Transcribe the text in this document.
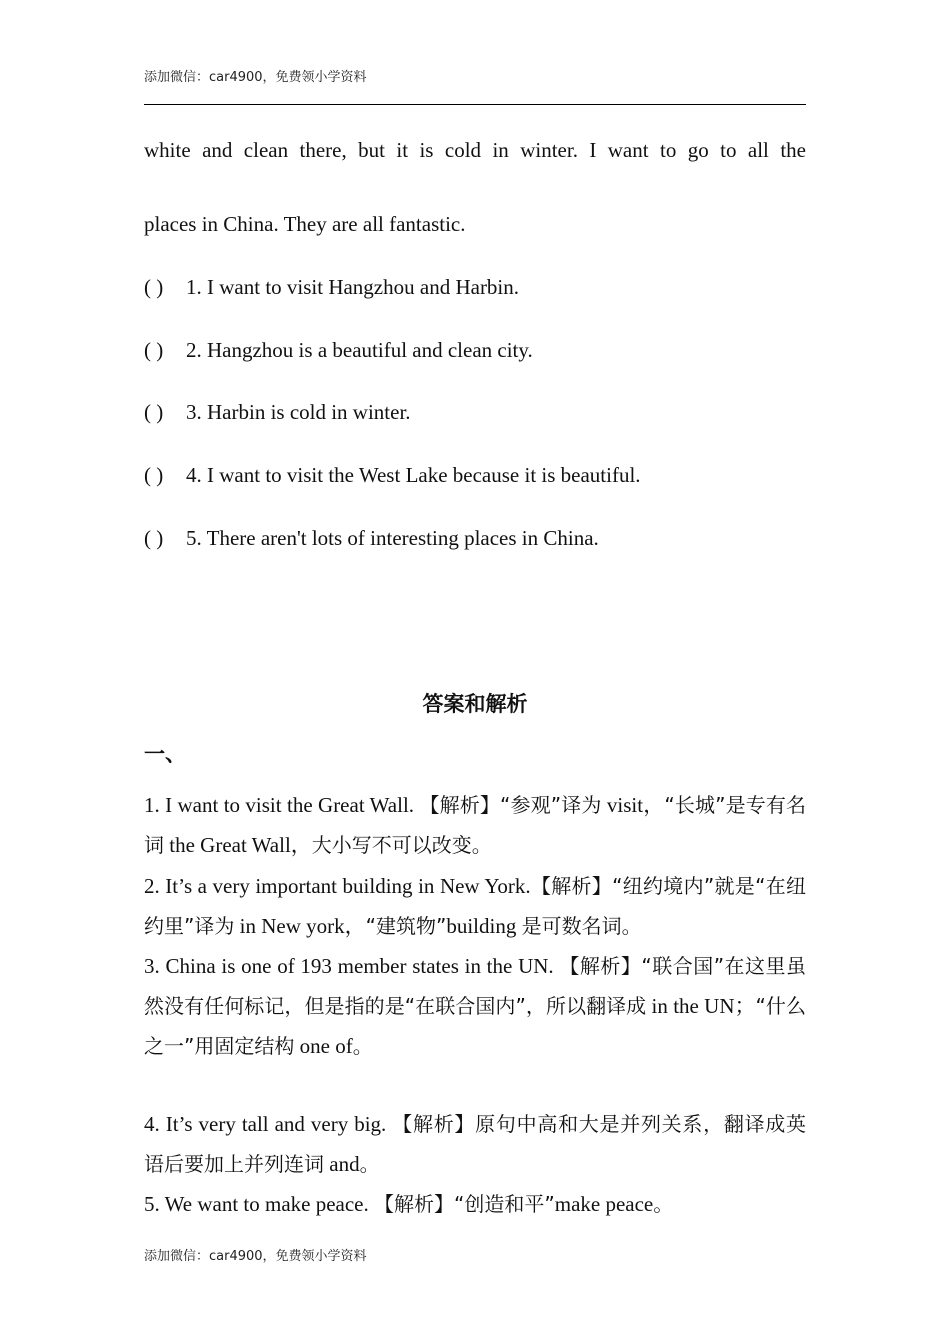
添加微信：car4900，免费领小学资料
white and clean there, but it is cold in winter. I want to go to all the
places in China. They are all fantastic.
( ) 1. I want to visit Hangzhou and Harbin.
( ) 2. Hangzhou is a beautiful and clean city.
( ) 3. Harbin is cold in winter.
( ) 4. I want to visit the West Lake because it is beautiful.
( ) 5. There aren't lots of interesting places in China.
答案和解析
一、
1. I want to visit the Great Wall. 【解析】“参观”译为 visit，“长城”是专有名词 the Great Wall，大小写不可以改变。
2. It’s a very important building in New York.【解析】“纽约境内”就是“在纽约里”译为 in New york，“建筑物”building 是可数名词。
3. China is one of 193 member states in the UN. 【解析】“联合国”在这里虽然没有任何标记，但是指的是“在联合国内”，所以翻译成 in the UN；“什么之一”用固定结构 one of。
4. It’s very tall and very big. 【解析】原句中高和大是并列关系，翻译成英语后要加上并列连词 and。
5. We want to make peace. 【解析】“创造和平”make peace。
添加微信：car4900，免费领小学资料
